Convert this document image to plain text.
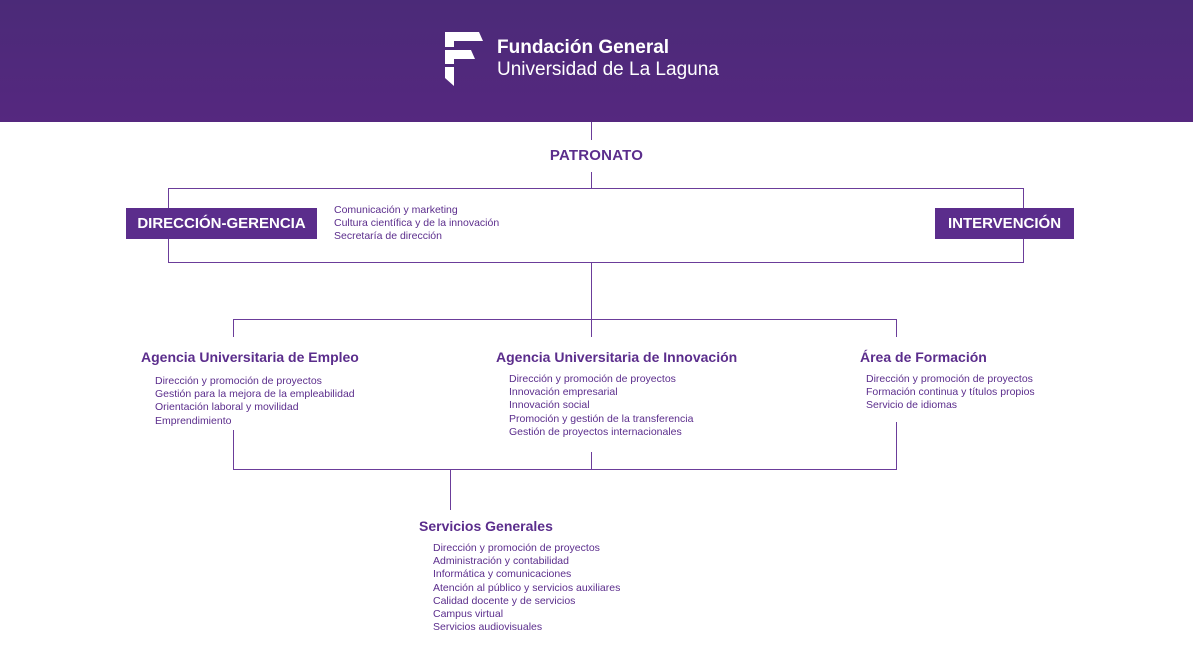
Fundación General
Universidad de La Laguna
PATRONATO
DIRECCIÓN-GERENCIA
Comunicación y marketing
Cultura científica y de la innovación
Secretaría de dirección
INTERVENCIÓN
Agencia Universitaria de Empleo
Dirección y promoción de proyectos
Gestión para la mejora de la empleabilidad
Orientación laboral y movilidad
Emprendimiento
Agencia Universitaria de Innovación
Dirección y promoción de proyectos
Innovación empresarial
Innovación social
Promoción y gestión de la transferencia
Gestión de proyectos internacionales
Área de Formación
Dirección y promoción de proyectos
Formación continua y títulos propios
Servicio de idiomas
Servicios Generales
Dirección y promoción de proyectos
Administración y contabilidad
Informática y comunicaciones
Atención al público y servicios auxiliares
Calidad docente y de servicios
Campus virtual
Servicios audiovisuales
